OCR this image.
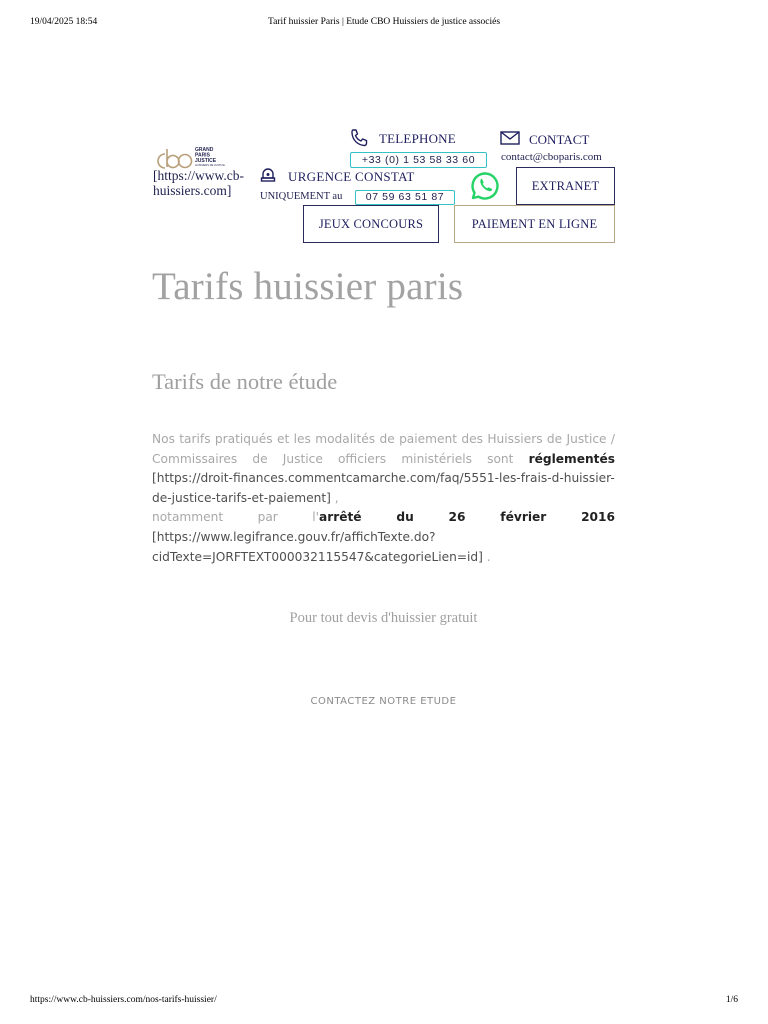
19/04/2025 18:54	Tarif huissier Paris | Etude CBO Huissiers de justice associés
GRAND
PARIS
JUSTICE
HUISSIERS DE JUSTICE
[https://www.cb-huissiers.com]
TELEPHONE
+33 (0) 1 53 58 33 60
CONTACT
contact@cboparis.com
URGENCE CONSTAT
UNIQUEMENT au	07 59 63 51 87
EXTRANET
JEUX CONCOURS	PAIEMENT EN LIGNE
Tarifs huissier paris
Tarifs de notre étude

Nos tarifs pratiqués et les modalités de paiement des Huissiers de Justice / Commissaires de Justice officiers ministériels sont réglementés [https://droit-finances.commentcamarche.com/faq/5551-les-frais-d-huissier-de-justice-tarifs-et-paiement] ,

notamment par l'arrêté du 26 février 2016 [https://www.legifrance.gouv.fr/affichTexte.do?cidTexte=JORFTEXT000032115547&categorieLien=id] .

Pour tout devis d'huissier gratuit
CONTACTEZ NOTRE ETUDE
https://www.cb-huissiers.com/nos-tarifs-huissier/	1/6
